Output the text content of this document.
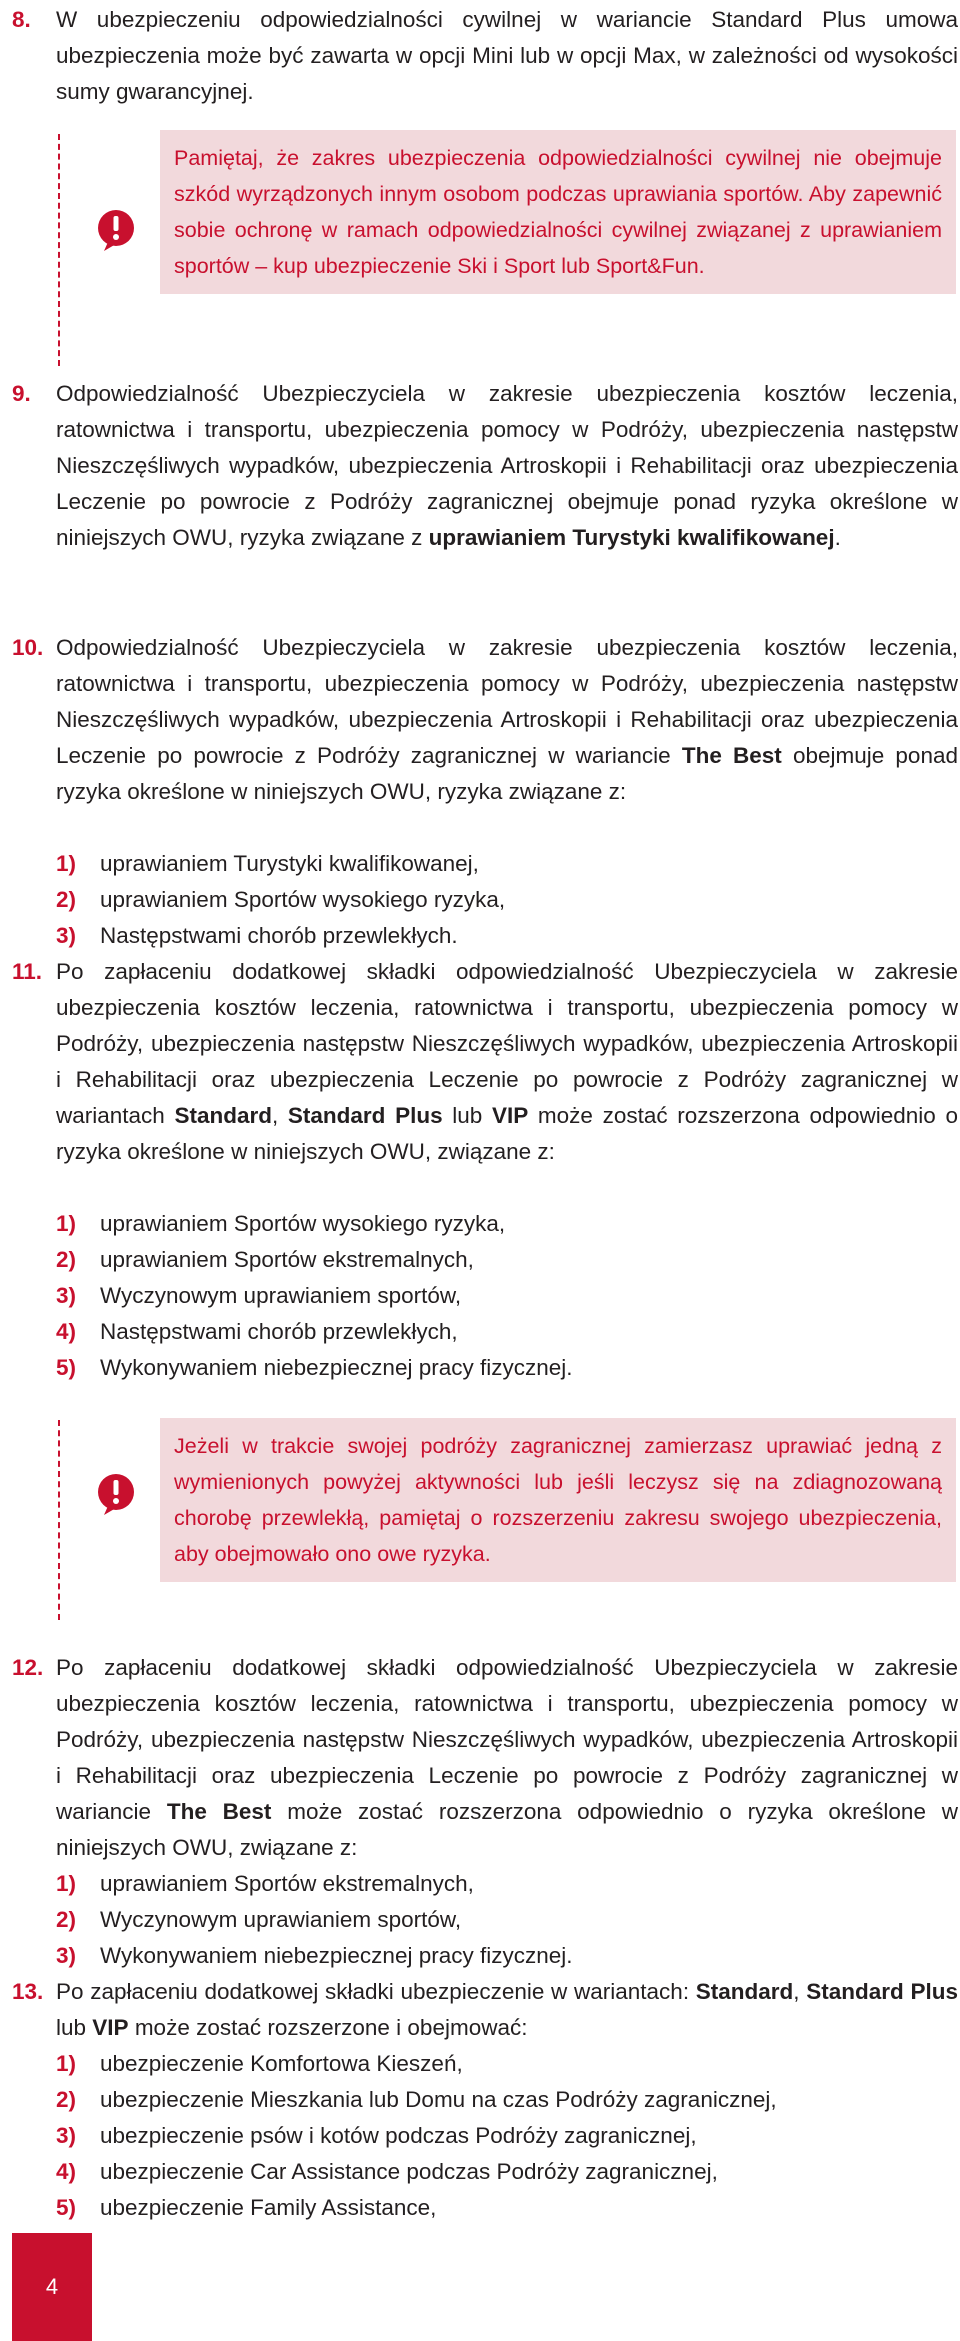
8. W ubezpieczeniu odpowiedzialności cywilnej w wariancie Standard Plus umowa ubezpieczenia może być zawarta w opcji Mini lub w opcji Max, w zależności od wysokości sumy gwarancyjnej.
Pamiętaj, że zakres ubezpieczenia odpowiedzialności cywilnej nie obejmuje szkód wyrządzonych innym osobom podczas uprawiania sportów. Aby zapewnić sobie ochronę w ramach odpowiedzialności cywilnej związanej z uprawianiem sportów – kup ubezpieczenie Ski i Sport lub Sport&Fun.
9. Odpowiedzialność Ubezpieczyciela w zakresie ubezpieczenia kosztów leczenia, ratownictwa i transportu, ubezpieczenia pomocy w Podróży, ubezpieczenia następstw Nieszczęśliwych wypadków, ubezpieczenia Artroskopii i Rehabilitacji oraz ubezpieczenia Leczenie po powrocie z Podróży zagranicznej obejmuje ponad ryzyka określone w niniejszych OWU, ryzyka związane z uprawianiem Turystyki kwalifikowanej.
10. Odpowiedzialność Ubezpieczyciela w zakresie ubezpieczenia kosztów leczenia, ratownictwa i transportu, ubezpieczenia pomocy w Podróży, ubezpieczenia następstw Nieszczęśliwych wypadków, ubezpieczenia Artroskopii i Rehabilitacji oraz ubezpieczenia Leczenie po powrocie z Podróży zagranicznej w wariancie The Best obejmuje ponad ryzyka określone w niniejszych OWU, ryzyka związane z:
1) uprawianiem Turystyki kwalifikowanej,
2) uprawianiem Sportów wysokiego ryzyka,
3) Następstwami chorób przewlekłych.
11. Po zapłaceniu dodatkowej składki odpowiedzialność Ubezpieczyciela w zakresie ubezpieczenia kosztów leczenia, ratownictwa i transportu, ubezpieczenia pomocy w Podróży, ubezpieczenia następstw Nieszczęśliwych wypadków, ubezpieczenia Artroskopii i Rehabilitacji oraz ubezpieczenia Leczenie po powrocie z Podróży zagranicznej w wariantach Standard, Standard Plus lub VIP może zostać rozszerzona odpowiednio o ryzyka określone w niniejszych OWU, związane z:
1) uprawianiem Sportów wysokiego ryzyka,
2) uprawianiem Sportów ekstremalnych,
3) Wyczynowym uprawianiem sportów,
4) Następstwami chorób przewlekłych,
5) Wykonywaniem niebezpiecznej pracy fizycznej.
Jeżeli w trakcie swojej podróży zagranicznej zamierzasz uprawiać jedną z wymienionych powyżej aktywności lub jeśli leczysz się na zdiagnozowaną chorobę przewlekłą, pamiętaj o rozszerzeniu zakresu swojego ubezpieczenia, aby obejmowało ono owe ryzyka.
12. Po zapłaceniu dodatkowej składki odpowiedzialność Ubezpieczyciela w zakresie ubezpieczenia kosztów leczenia, ratownictwa i transportu, ubezpieczenia pomocy w Podróży, ubezpieczenia następstw Nieszczęśliwych wypadków, ubezpieczenia Artroskopii i Rehabilitacji oraz ubezpieczenia Leczenie po powrocie z Podróży zagranicznej w wariancie The Best może zostać rozszerzona odpowiednio o ryzyka określone w niniejszych OWU, związane z:
1) uprawianiem Sportów ekstremalnych,
2) Wyczynowym uprawianiem sportów,
3) Wykonywaniem niebezpiecznej pracy fizycznej.
13. Po zapłaceniu dodatkowej składki ubezpieczenie w wariantach: Standard, Standard Plus lub VIP może zostać rozszerzone i obejmować:
1) ubezpieczenie Komfortowa Kieszeń,
2) ubezpieczenie Mieszkania lub Domu na czas Podróży zagranicznej,
3) ubezpieczenie psów i kotów podczas Podróży zagranicznej,
4) ubezpieczenie Car Assistance podczas Podróży zagranicznej,
5) ubezpieczenie Family Assistance,
4
